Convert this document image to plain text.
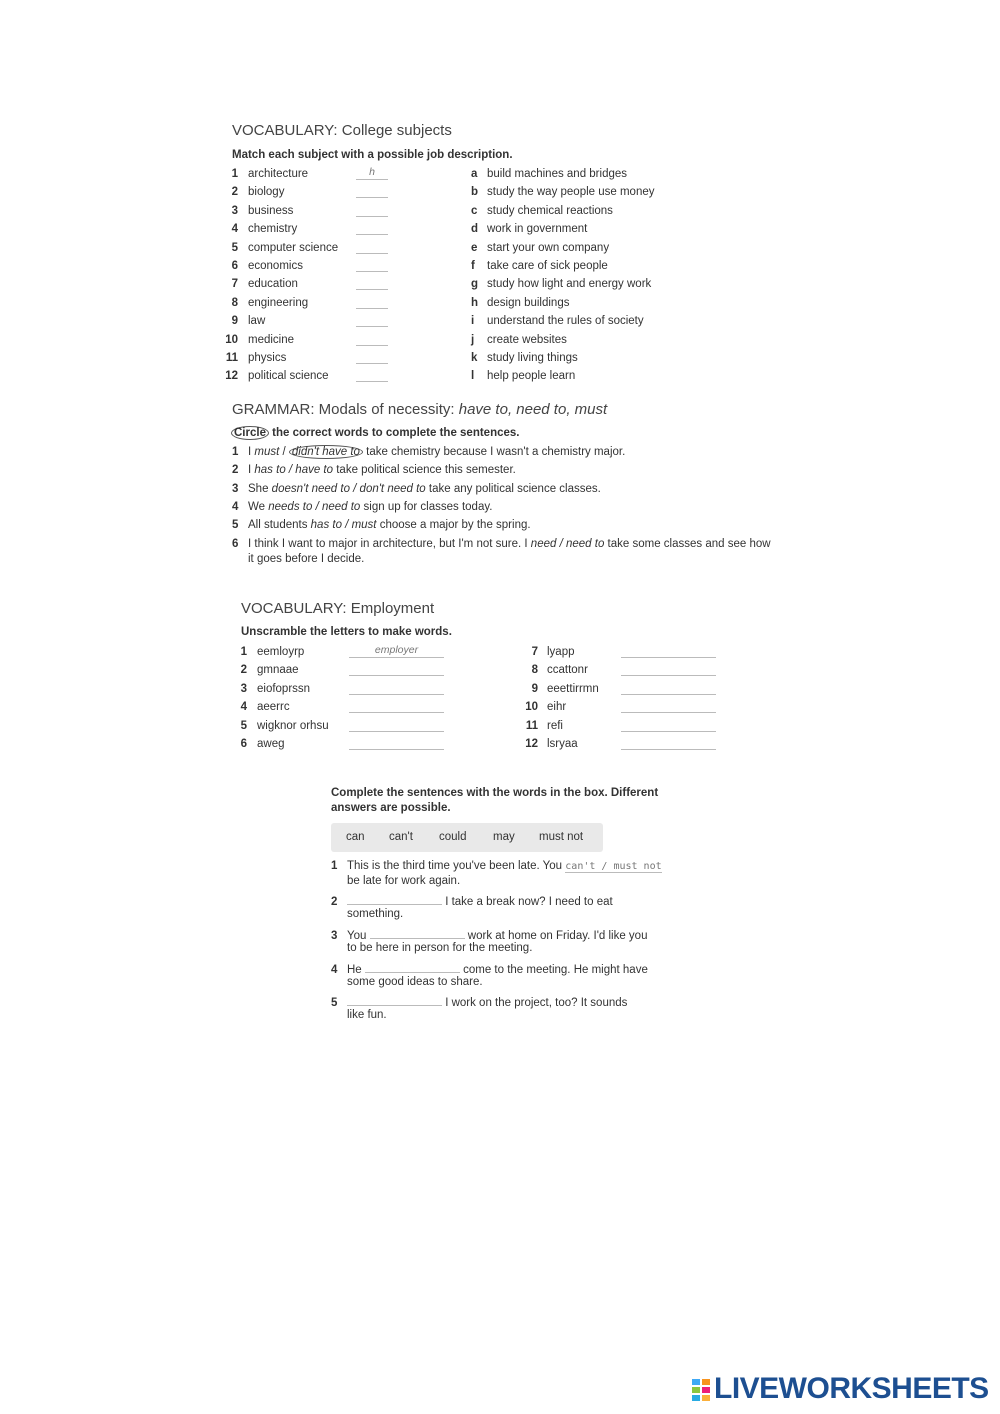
VOCABULARY: College subjects
Match each subject with a possible job description.
1 architecture	h
2 biology
3 business
4 chemistry
5 computer science
6 economics
7 education
8 engineering
9 law
10 medicine
11 physics
12 political science
a build machines and bridges
b study the way people use money
c study chemical reactions
d work in government
e start your own company
f take care of sick people
g study how light and energy work
h design buildings
i understand the rules of society
j create websites
k study living things
l help people learn
GRAMMAR: Modals of necessity: have to, need to, must
Circle the correct words to complete the sentences.
1 I must / didn't have to take chemistry because I wasn't a chemistry major.
2 I has to / have to take political science this semester.
3 She doesn't need to / don't need to take any political science classes.
4 We needs to / need to sign up for classes today.
5 All students has to / must choose a major by the spring.
6 I think I want to major in architecture, but I'm not sure. I need / need to take some classes and see how
it goes before I decide.
VOCABULARY: Employment
Unscramble the letters to make words.
1 eemloyrp	employer
2 gmnaae
3 eiofoprssn
4 aeerrc
5 wigknor orhsu
6 aweg
7 lyapp
8 ccattonr
9 eeettirrmn
10 eihr
11 refi
12 lsryaa
Complete the sentences with the words in the box. Different
answers are possible.
can can't could may must not
1 This is the third time you've been late. You can't / must not
be late for work again.
2	I take a break now? I need to eat
something.
3 You	work at home on Friday. I'd like you
to be here in person for the meeting.
4 He	come to the meeting. He might have
some good ideas to share.
5	I work on the project, too? It sounds
like fun.
LIVEWORKSHEETS
